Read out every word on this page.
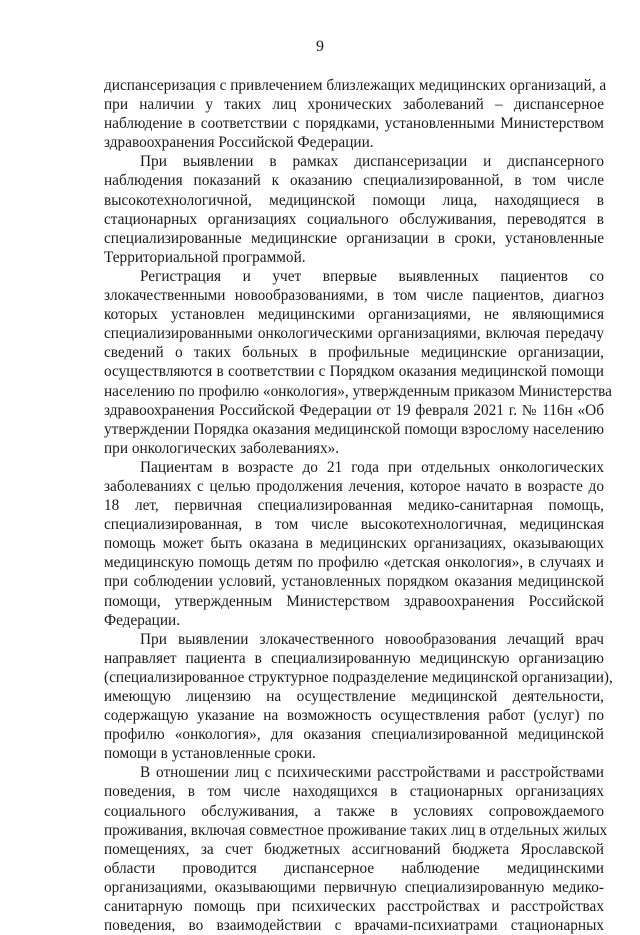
9
диспансеризация с привлечением близлежащих медицинских организаций, а
при наличии у таких лиц хронических заболеваний – диспансерное
наблюдение в соответствии с порядками, установленными Министерством
здравоохранения Российской Федерации.
При выявлении в рамках диспансеризации и диспансерного
наблюдения показаний к оказанию специализированной, в том числе
высокотехнологичной, медицинской помощи лица, находящиеся в
стационарных организациях социального обслуживания, переводятся в
специализированные медицинские организации в сроки, установленные
Территориальной программой.
Регистрация и учет впервые выявленных пациентов со
злокачественными новообразованиями, в том числе пациентов, диагноз
которых установлен медицинскими организациями, не являющимися
специализированными онкологическими организациями, включая передачу
сведений о таких больных в профильные медицинские организации,
осуществляются в соответствии с Порядком оказания медицинской помощи
населению по профилю «онкология», утвержденным приказом Министерства
здравоохранения Российской Федерации от 19 февраля 2021 г. № 116н «Об
утверждении Порядка оказания медицинской помощи взрослому населению
при онкологических заболеваниях».
Пациентам в возрасте до 21 года при отдельных онкологических
заболеваниях с целью продолжения лечения, которое начато в возрасте до
18 лет, первичная специализированная медико-санитарная помощь,
специализированная, в том числе высокотехнологичная, медицинская
помощь может быть оказана в медицинских организациях, оказывающих
медицинскую помощь детям по профилю «детская онкология», в случаях и
при соблюдении условий, установленных порядком оказания медицинской
помощи, утвержденным Министерством здравоохранения Российской
Федерации.
При выявлении злокачественного новообразования лечащий врач
направляет пациента в специализированную медицинскую организацию
(специализированное структурное подразделение медицинской организации),
имеющую лицензию на осуществление медицинской деятельности,
содержащую указание на возможность осуществления работ (услуг) по
профилю «онкология», для оказания специализированной медицинской
помощи в установленные сроки.
В отношении лиц с психическими расстройствами и расстройствами
поведения, в том числе находящихся в стационарных организациях
социального обслуживания, а также в условиях сопровождаемого
проживания, включая совместное проживание таких лиц в отдельных жилых
помещениях, за счет бюджетных ассигнований бюджета Ярославской
области проводится диспансерное наблюдение медицинскими
организациями, оказывающими первичную специализированную медико-
санитарную помощь при психических расстройствах и расстройствах
поведения, во взаимодействии с врачами-психиатрами стационарных
